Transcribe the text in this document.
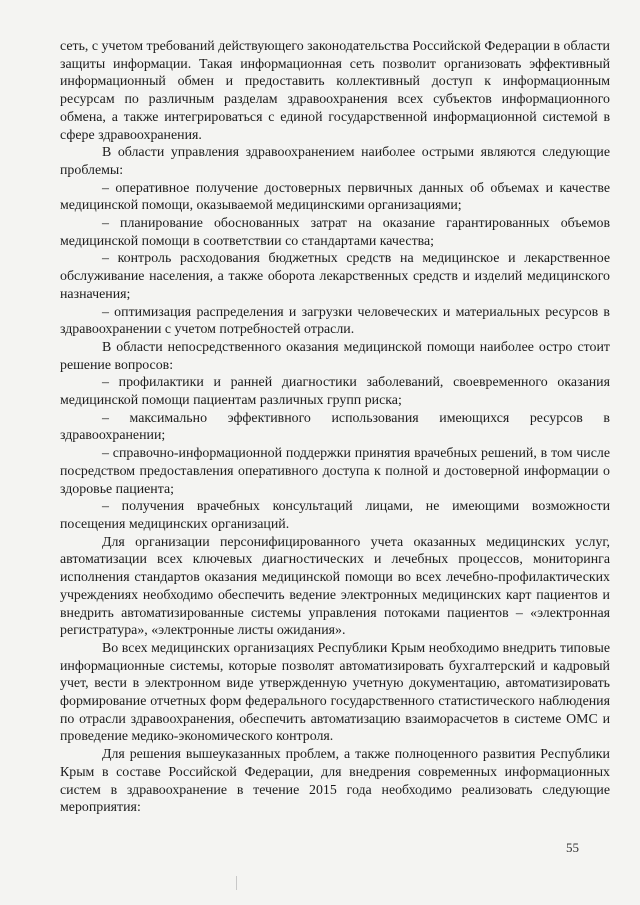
сеть, с учетом требований действующего законодательства Российской Федерации в области защиты информации. Такая информационная сеть позволит организовать эффективный информационный обмен и предоставить коллективный доступ к информационным ресурсам по различным разделам здравоохранения всех субъектов информационного обмена, а также интегрироваться с единой государственной информационной системой в сфере здравоохранения.

В области управления здравоохранением наиболее острыми являются следующие проблемы:

– оперативное получение достоверных первичных данных об объемах и качестве медицинской помощи, оказываемой медицинскими организациями;

– планирование обоснованных затрат на оказание гарантированных объемов медицинской помощи в соответствии со стандартами качества;

– контроль расходования бюджетных средств на медицинское и лекарственное обслуживание населения, а также оборота лекарственных средств и изделий медицинского назначения;

– оптимизация распределения и загрузки человеческих и материальных ресурсов в здравоохранении с учетом потребностей отрасли.

В области непосредственного оказания медицинской помощи наиболее остро стоит решение вопросов:

– профилактики и ранней диагностики заболеваний, своевременного оказания медицинской помощи пациентам различных групп риска;

– максимально эффективного использования имеющихся ресурсов в здравоохранении;

– справочно-информационной поддержки принятия врачебных решений, в том числе посредством предоставления оперативного доступа к полной и достоверной информации о здоровье пациента;

– получения врачебных консультаций лицами, не имеющими возможности посещения медицинских организаций.

Для организации персонифицированного учета оказанных медицинских услуг, автоматизации всех ключевых диагностических и лечебных процессов, мониторинга исполнения стандартов оказания медицинской помощи во всех лечебно-профилактических учреждениях необходимо обеспечить ведение электронных медицинских карт пациентов и внедрить автоматизированные системы управления потоками пациентов – «электронная регистратура», «электронные листы ожидания».

Во всех медицинских организациях Республики Крым необходимо внедрить типовые информационные системы, которые позволят автоматизировать бухгалтерский и кадровый учет, вести в электронном виде утвержденную учетную документацию, автоматизировать формирование отчетных форм федерального государственного статистического наблюдения по отрасли здравоохранения, обеспечить автоматизацию взаиморасчетов в системе ОМС и проведение медико-экономического контроля.

Для решения вышеуказанных проблем, а также полноценного развития Республики Крым в составе Российской Федерации, для внедрения современных информационных систем в здравоохранение в течение 2015 года необходимо реализовать следующие мероприятия:

55
